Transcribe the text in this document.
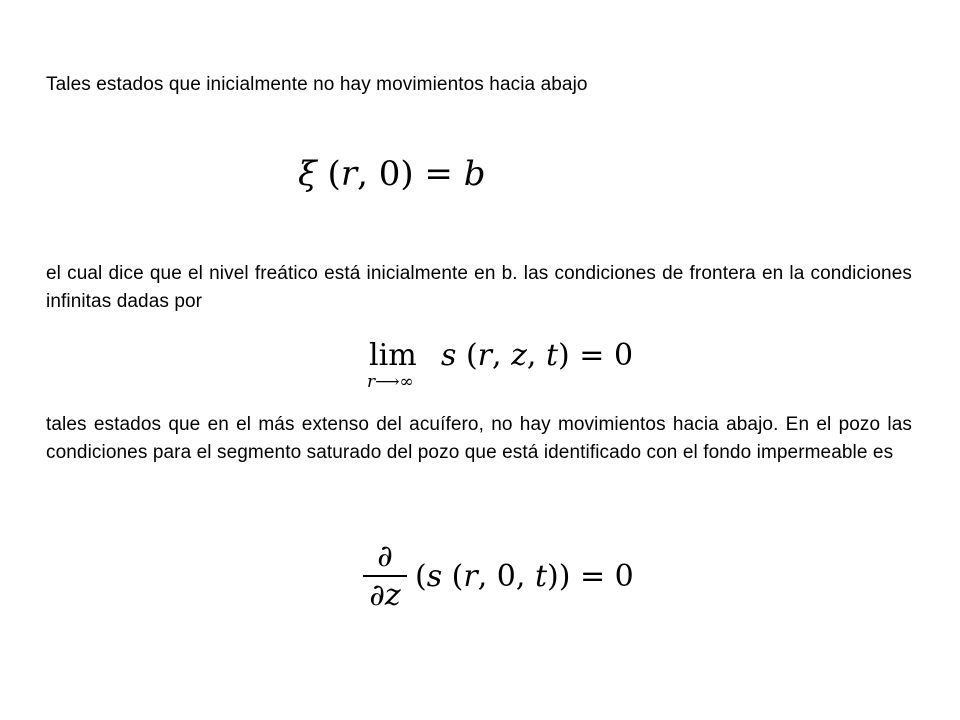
Tales estados que inicialmente no hay movimientos hacia abajo

ξ (r, 0) = b

el cual dice que el nivel freático está inicialmente en b. las condiciones de frontera en la condiciones infinitas dadas por

lim
r⟶∞
s (r, z, t) = 0

tales estados que en el más extenso del acuífero, no hay movimientos hacia abajo. En el pozo las condiciones para el segmento saturado del pozo que está identificado con el fondo impermeable es

∂
∂z
(s (r, 0, t)) = 0
